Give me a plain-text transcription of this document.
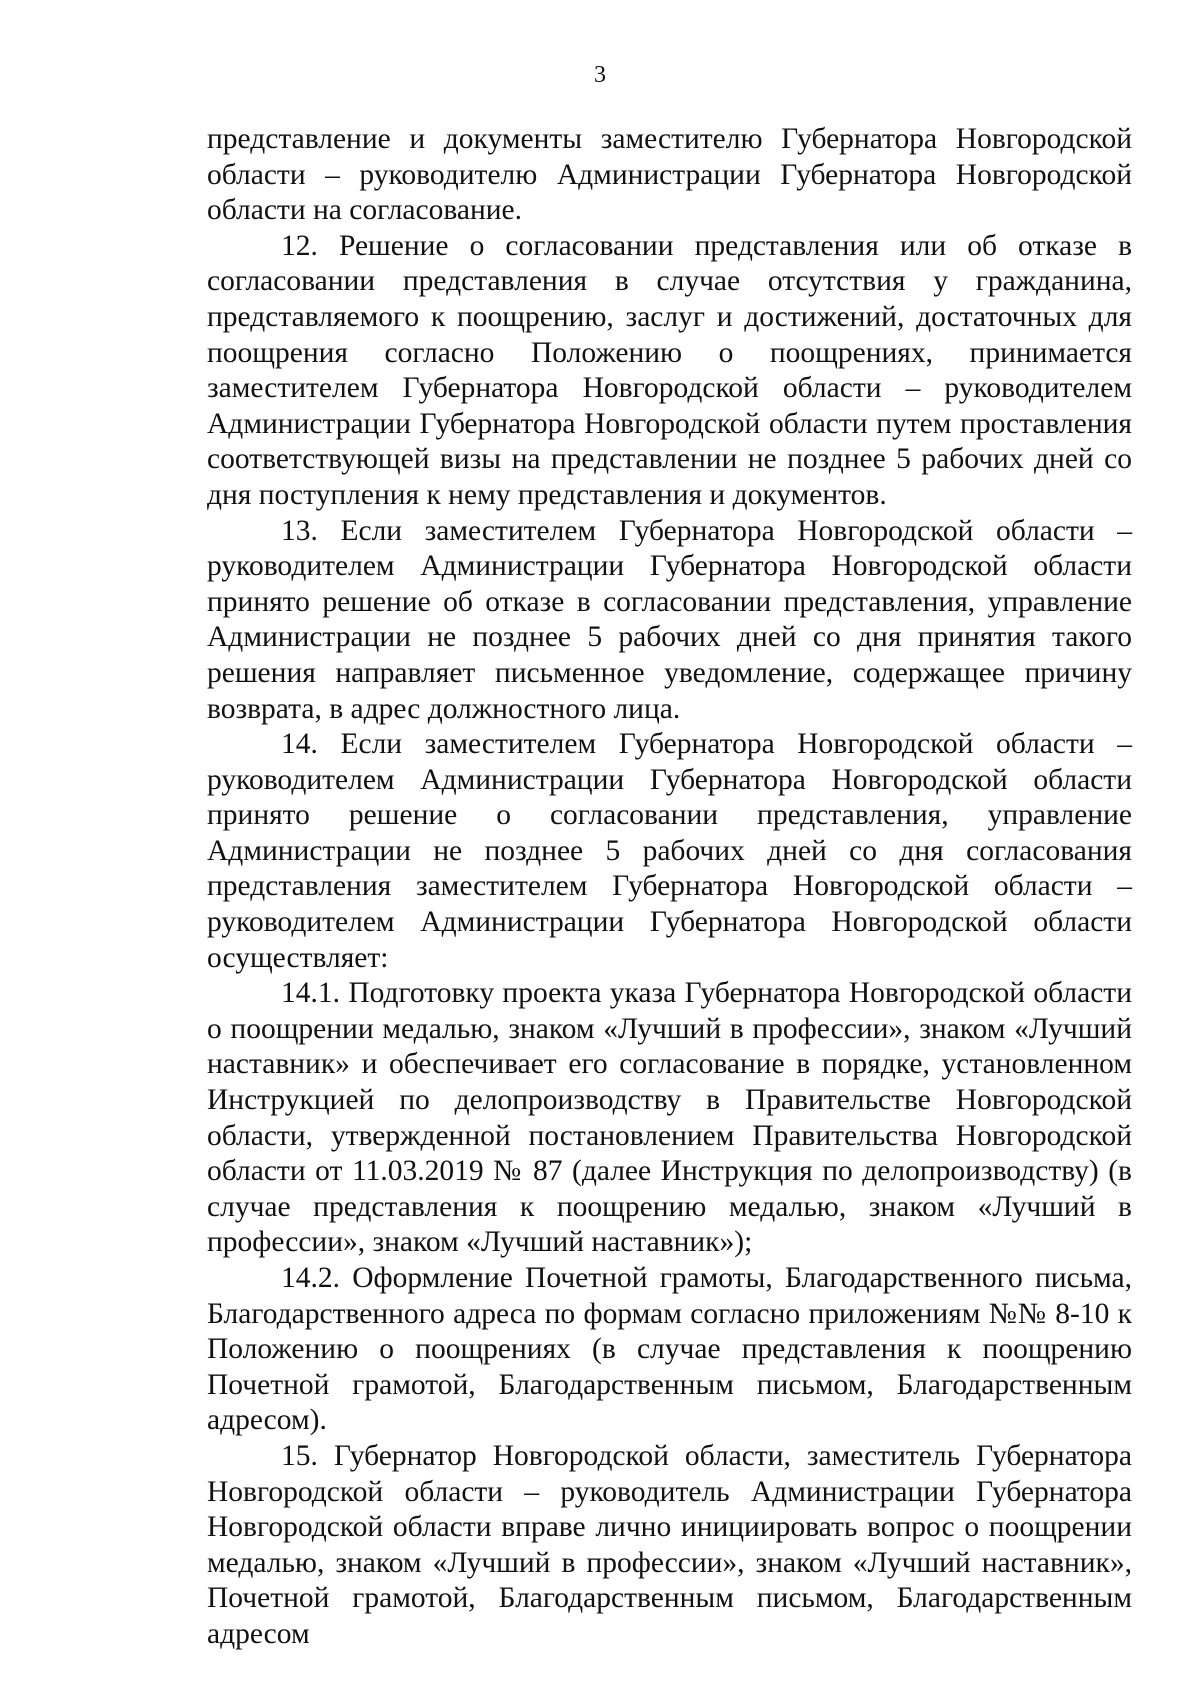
3

представление и документы заместителю Губернатора Новгородской области – руководителю Администрации Губернатора Новгородской области на согласование.

12. Решение о согласовании представления или об отказе в согласовании представления в случае отсутствия у гражданина, представляемого к поощрению, заслуг и достижений, достаточных для поощрения согласно Положению о поощрениях, принимается заместителем Губернатора Новгородской области – руководителем Администрации Губернатора Новгородской области путем проставления соответствующей визы на представлении не позднее 5 рабочих дней со дня поступления к нему представления и документов.

13. Если заместителем Губернатора Новгородской области – руководителем Администрации Губернатора Новгородской области принято решение об отказе в согласовании представления, управление Администрации не позднее 5 рабочих дней со дня принятия такого решения направляет письменное уведомление, содержащее причину возврата, в адрес должностного лица.

14. Если заместителем Губернатора Новгородской области – руководителем Администрации Губернатора Новгородской области принято решение о согласовании представления, управление Администрации не позднее 5 рабочих дней со дня согласования представления заместителем Губернатора Новгородской области – руководителем Администрации Губернатора Новгородской области осуществляет:

14.1. Подготовку проекта указа Губернатора Новгородской области о поощрении медалью, знаком «Лучший в профессии», знаком «Лучший наставник» и обеспечивает его согласование в порядке, установленном Инструкцией по делопроизводству в Правительстве Новгородской области, утвержденной постановлением Правительства Новгородской области от 11.03.2019 № 87 (далее Инструкция по делопроизводству) (в случае представления к поощрению медалью, знаком «Лучший в профессии», знаком «Лучший наставник»);

14.2. Оформление Почетной грамоты, Благодарственного письма, Благодарственного адреса по формам согласно приложениям №№ 8-10 к Положению о поощрениях (в случае представления к поощрению Почетной грамотой, Благодарственным письмом, Благодарственным адресом).

15. Губернатор Новгородской области, заместитель Губернатора Новгородской области – руководитель Администрации Губернатора Новгородской области вправе лично инициировать вопрос о поощрении медалью, знаком «Лучший в профессии», знаком «Лучший наставник», Почетной грамотой, Благодарственным письмом, Благодарственным адресом
